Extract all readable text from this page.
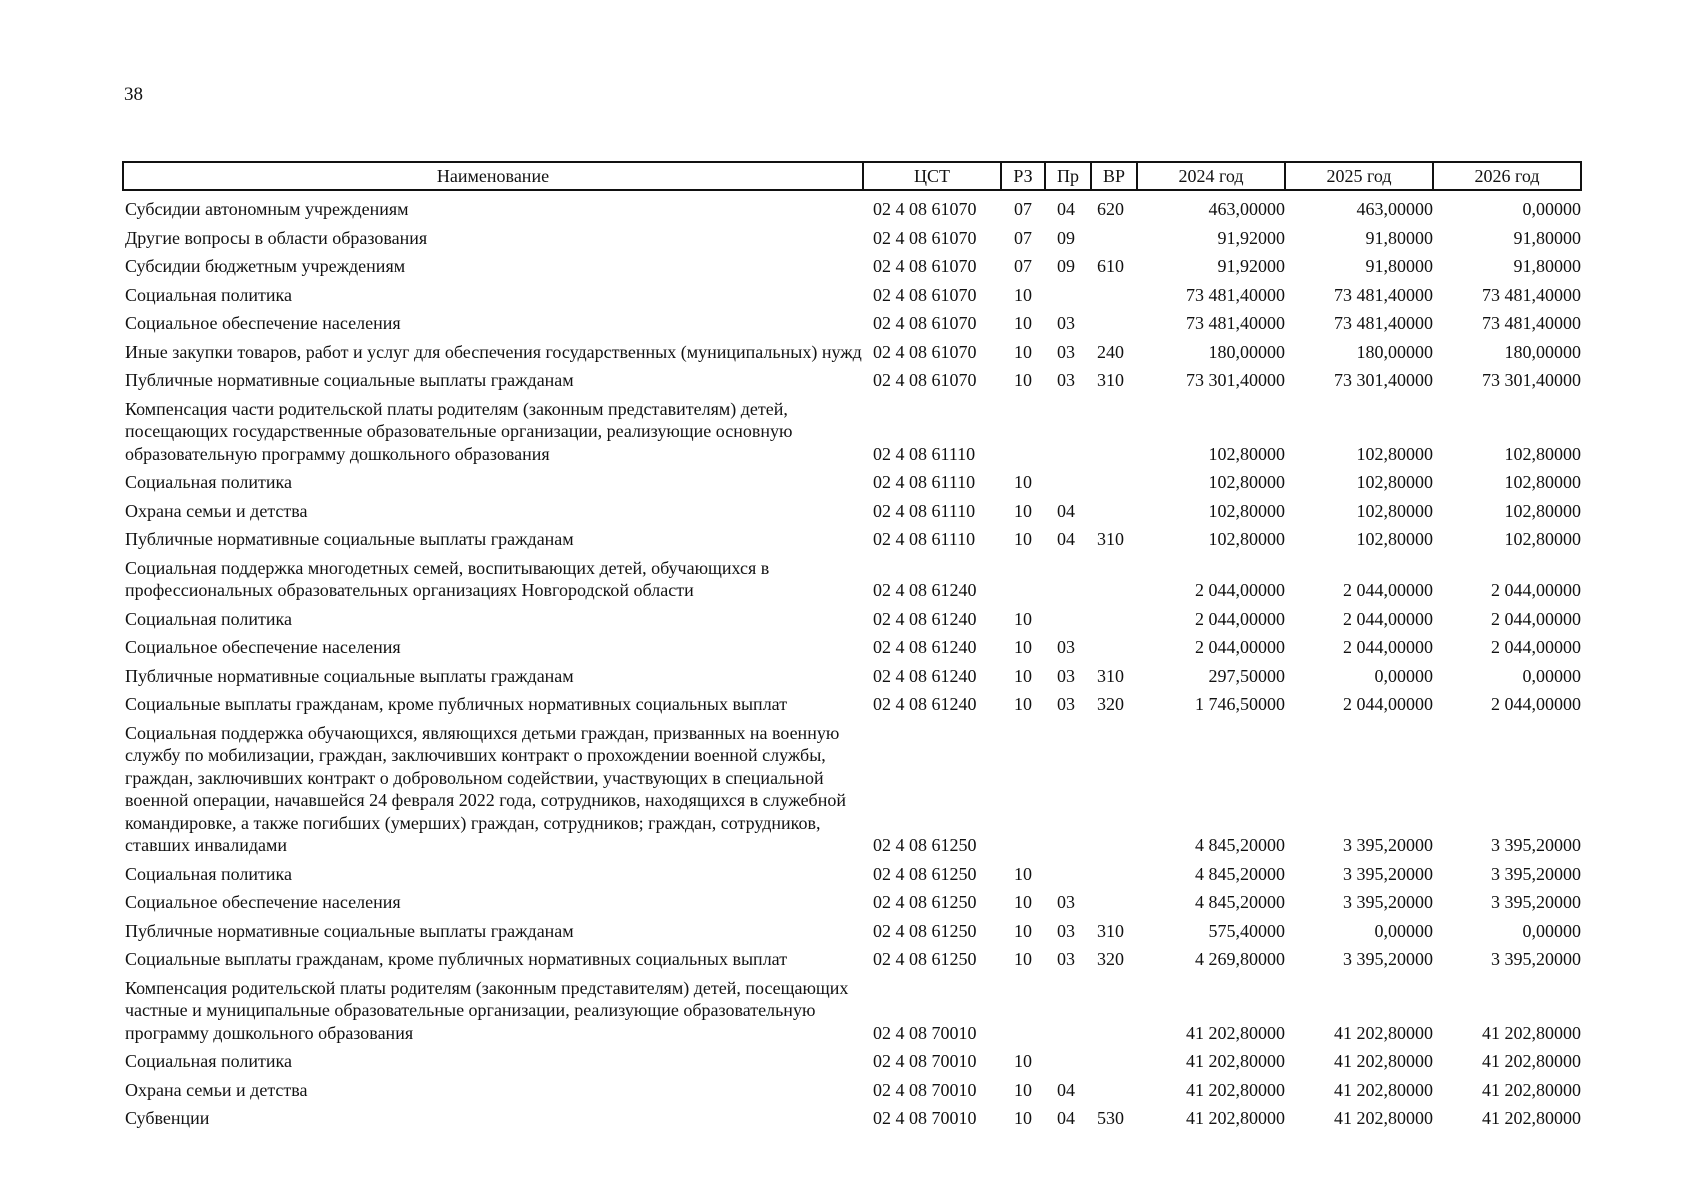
38
Наименование	ЦСТ	РЗ	Пр	ВР	2024 год	2025 год	2026 год
Субсидии автономным учреждениям	02 4 08 61070	07	04	620	463,00000	463,00000	0,00000
Другие вопросы в области образования	02 4 08 61070	07	09		91,92000	91,80000	91,80000
Субсидии бюджетным учреждениям	02 4 08 61070	07	09	610	91,92000	91,80000	91,80000
Социальная политика	02 4 08 61070	10			73 481,40000	73 481,40000	73 481,40000
Социальное обеспечение населения	02 4 08 61070	10	03		73 481,40000	73 481,40000	73 481,40000
Иные закупки товаров, работ и услуг для обеспечения государственных (муниципальных) нужд	02 4 08 61070	10	03	240	180,00000	180,00000	180,00000
Публичные нормативные социальные выплаты гражданам	02 4 08 61070	10	03	310	73 301,40000	73 301,40000	73 301,40000
Компенсация части родительской платы родителям (законным представителям) детей, посещающих государственные образовательные организации, реализующие основную образовательную программу дошкольного образования	02 4 08 61110				102,80000	102,80000	102,80000
Социальная политика	02 4 08 61110	10			102,80000	102,80000	102,80000
Охрана семьи и детства	02 4 08 61110	10	04		102,80000	102,80000	102,80000
Публичные нормативные социальные выплаты гражданам	02 4 08 61110	10	04	310	102,80000	102,80000	102,80000
Социальная поддержка многодетных семей, воспитывающих детей, обучающихся в профессиональных образовательных организациях Новгородской области	02 4 08 61240				2 044,00000	2 044,00000	2 044,00000
Социальная политика	02 4 08 61240	10			2 044,00000	2 044,00000	2 044,00000
Социальное обеспечение населения	02 4 08 61240	10	03		2 044,00000	2 044,00000	2 044,00000
Публичные нормативные социальные выплаты гражданам	02 4 08 61240	10	03	310	297,50000	0,00000	0,00000
Социальные выплаты гражданам, кроме публичных нормативных социальных выплат	02 4 08 61240	10	03	320	1 746,50000	2 044,00000	2 044,00000
Социальная поддержка обучающихся, являющихся детьми граждан, призванных на военную службу по мобилизации, граждан, заключивших контракт о прохождении военной службы, граждан, заключивших контракт о добровольном содействии, участвующих в специальной военной операции, начавшейся 24 февраля 2022 года, сотрудников, находящихся в служебной командировке, а также погибших (умерших) граждан, сотрудников; граждан, сотрудников, ставших инвалидами	02 4 08 61250				4 845,20000	3 395,20000	3 395,20000
Социальная политика	02 4 08 61250	10			4 845,20000	3 395,20000	3 395,20000
Социальное обеспечение населения	02 4 08 61250	10	03		4 845,20000	3 395,20000	3 395,20000
Публичные нормативные социальные выплаты гражданам	02 4 08 61250	10	03	310	575,40000	0,00000	0,00000
Социальные выплаты гражданам, кроме публичных нормативных социальных выплат	02 4 08 61250	10	03	320	4 269,80000	3 395,20000	3 395,20000
Компенсация родительской платы родителям (законным представителям) детей, посещающих частные и муниципальные образовательные организации, реализующие образовательную программу дошкольного образования	02 4 08 70010				41 202,80000	41 202,80000	41 202,80000
Социальная политика	02 4 08 70010	10			41 202,80000	41 202,80000	41 202,80000
Охрана семьи и детства	02 4 08 70010	10	04		41 202,80000	41 202,80000	41 202,80000
Субвенции	02 4 08 70010	10	04	530	41 202,80000	41 202,80000	41 202,80000
